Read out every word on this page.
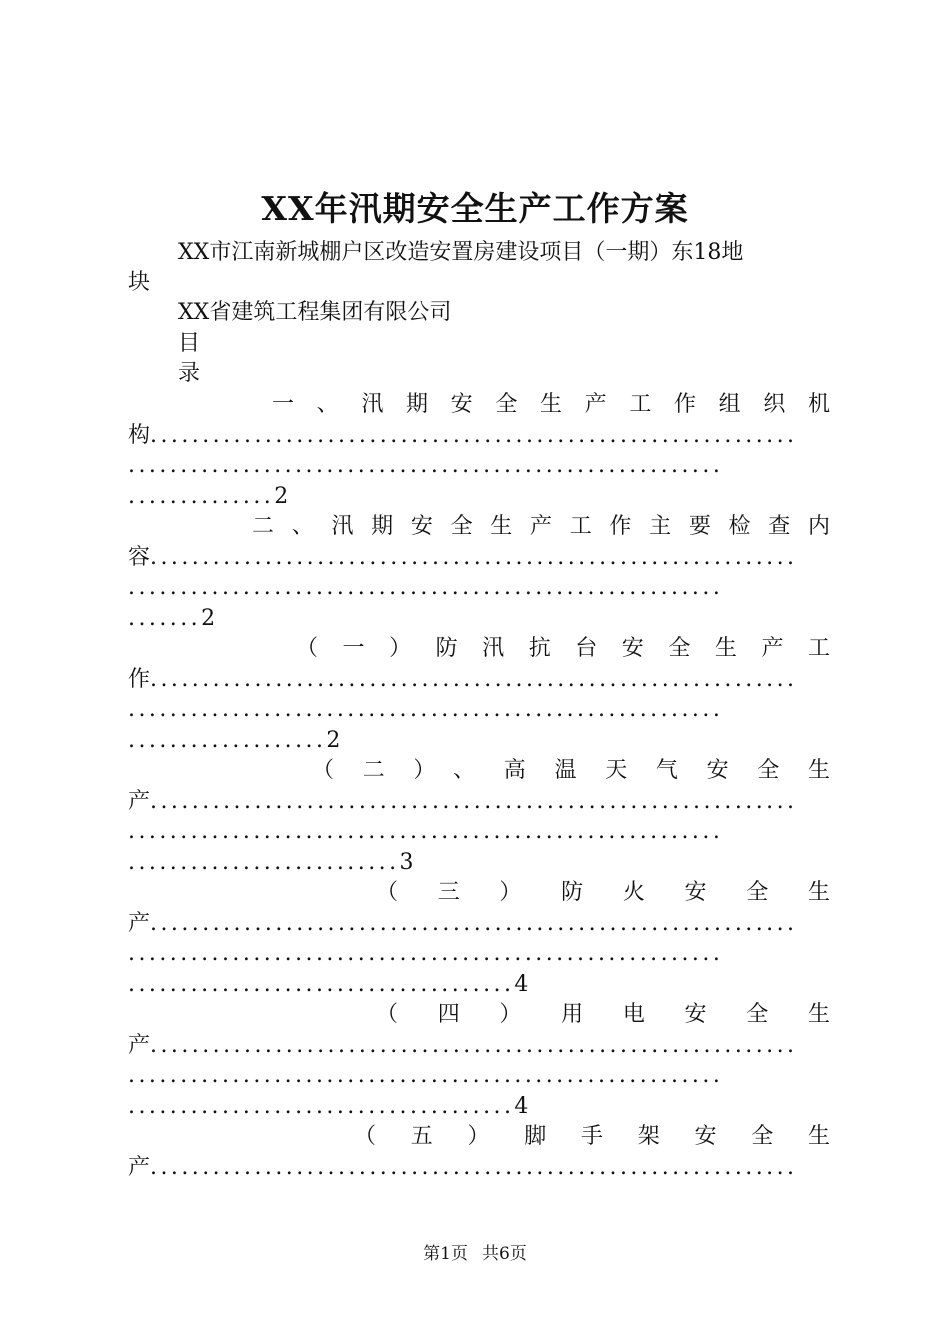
XX年汛期安全生产工作方案
XX市江南新城棚户区改造安置房建设项目（一期）东18地
块
XX省建筑工程集团有限公司
目
录
一、汛期安全生产工作组织机
构 ..............................................................
.........................................................
..............2
二、汛期安全生产工作主要检查内
容 ..............................................................
.........................................................
.......2
（一）防汛抗台安全生产工
作 ..............................................................
.........................................................
...................2
（二）、高温天气安全生
产 ..............................................................
.........................................................
..........................3
（三）防火安全生
产 ..............................................................
.........................................................
.....................................4
（四）用电安全生
产 ..............................................................
.........................................................
.....................................4
（五）脚手架安全生
产 ..............................................................
第1页 共6页
